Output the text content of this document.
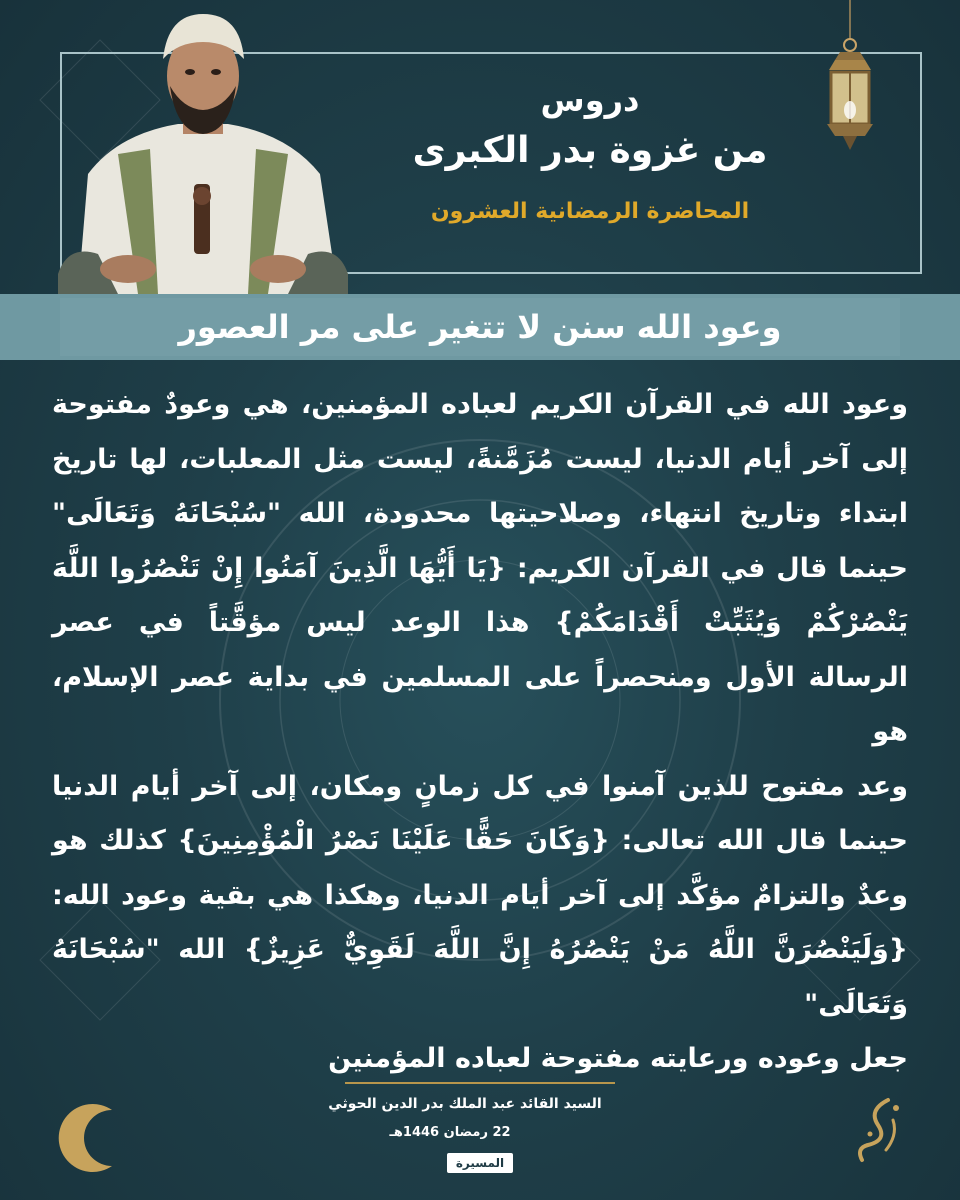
دروس
من غزوة بدر الكبرى
المحاضرة الرمضانية العشرون
وعود الله سنن لا تتغير على مر العصور

وعود الله في القرآن الكريم لعباده المؤمنين، هي وعودٌ مفتوحة

إلى آخر أيام الدنيا، ليست مُزَمَّنةً، ليست مثل المعلبات، لها تاريخ

ابتداء وتاريخ انتهاء، وصلاحيتها محدودة، الله "سُبْحَانَهُ وَتَعَالَى"

حينما قال في القرآن الكريم: {يَا أَيُّهَا الَّذِينَ آمَنُوا إِنْ تَنْصُرُوا اللَّهَ

يَنْصُرْكُمْ وَيُثَبِّتْ أَقْدَامَكُمْ} هذا الوعد ليس مؤقَّتاً في عصر

الرسالة الأول ومنحصراً على المسلمين في بداية عصر الإسلام، هو

وعد مفتوح للذين آمنوا في كل زمانٍ ومكان، إلى آخر أيام الدنيا

حينما قال الله تعالى: {وَكَانَ حَقًّا عَلَيْنَا نَصْرُ الْمُؤْمِنِينَ} كذلك هو

وعدٌ والتزامٌ مؤكَّد إلى آخر أيام الدنيا، وهكذا هي بقية وعود الله:

{وَلَيَنْصُرَنَّ اللَّهُ مَنْ يَنْصُرُهُ إِنَّ اللَّهَ لَقَوِيٌّ عَزِيزٌ} الله "سُبْحَانَهُ وَتَعَالَى"

جعل وعوده ورعايته مفتوحة لعباده المؤمنين

السيد القائد عبد الملك بدر الدين الحوثي
22 رمضان 1446هـ
المسيرة
